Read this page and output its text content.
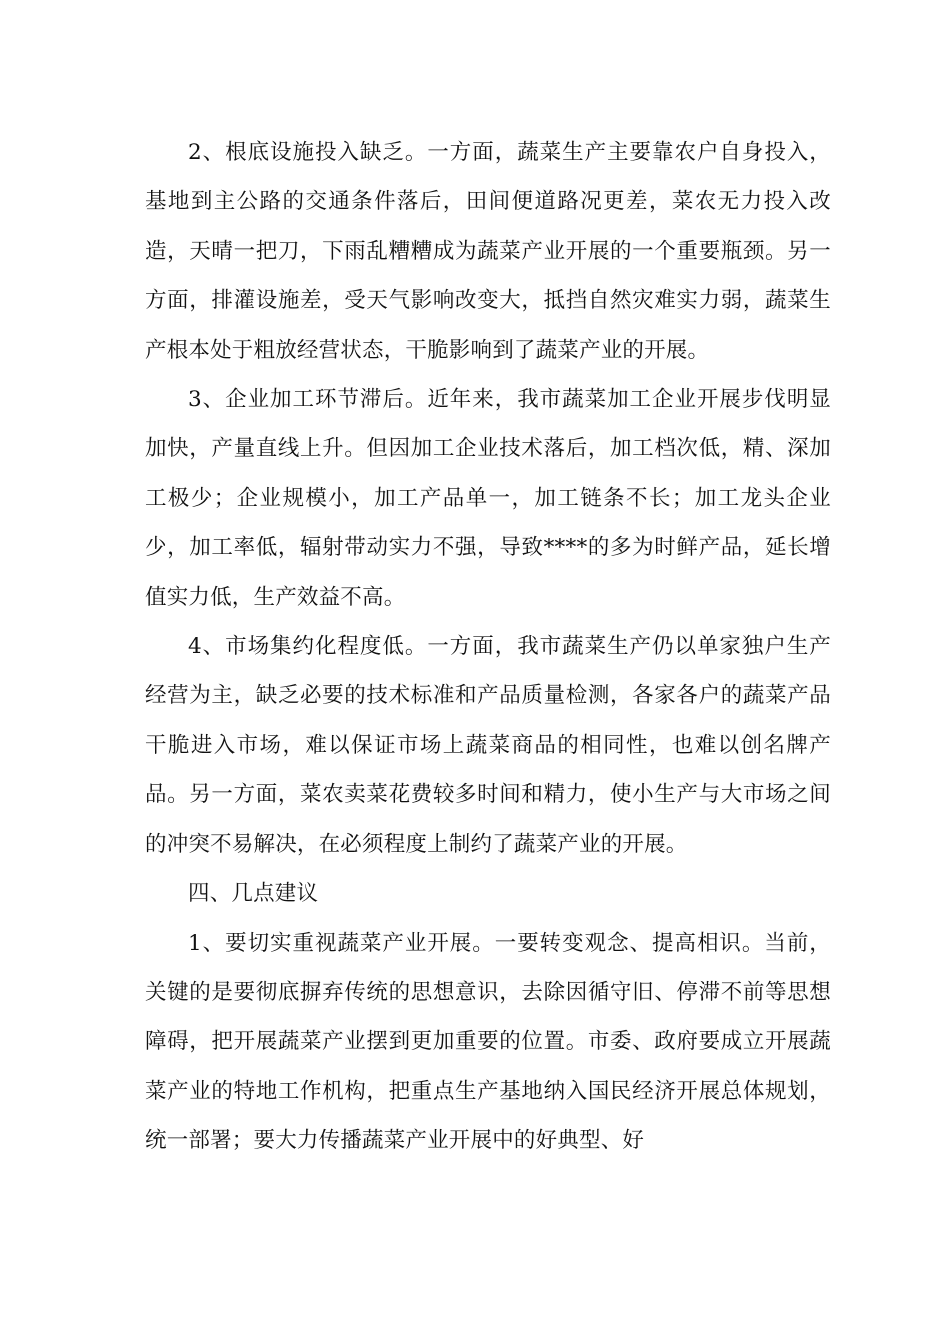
2、根底设施投入缺乏。一方面，蔬菜生产主要靠农户自身投入，基地到主公路的交通条件落后，田间便道路况更差，菜农无力投入改造，天晴一把刀，下雨乱糟糟成为蔬菜产业开展的一个重要瓶颈。另一方面，排灌设施差，受天气影响改变大，抵挡自然灾难实力弱，蔬菜生产根本处于粗放经营状态，干脆影响到了蔬菜产业的开展。

3、企业加工环节滞后。近年来，我市蔬菜加工企业开展步伐明显加快，产量直线上升。但因加工企业技术落后，加工档次低，精、深加工极少；企业规模小，加工产品单一，加工链条不长；加工龙头企业少，加工率低，辐射带动实力不强，导致****的多为时鲜产品，延长增值实力低，生产效益不高。

4、市场集约化程度低。一方面，我市蔬菜生产仍以单家独户生产经营为主，缺乏必要的技术标准和产品质量检测，各家各户的蔬菜产品干脆进入市场，难以保证市场上蔬菜商品的相同性，也难以创名牌产品。另一方面，菜农卖菜花费较多时间和精力，使小生产与大市场之间的冲突不易解决，在必须程度上制约了蔬菜产业的开展。

四、几点建议

1、要切实重视蔬菜产业开展。一要转变观念、提高相识。当前，关键的是要彻底摒弃传统的思想意识，去除因循守旧、停滞不前等思想障碍，把开展蔬菜产业摆到更加重要的位置。市委、政府要成立开展蔬菜产业的特地工作机构，把重点生产基地纳入国民经济开展总体规划，统一部署；要大力传播蔬菜产业开展中的好典型、好
